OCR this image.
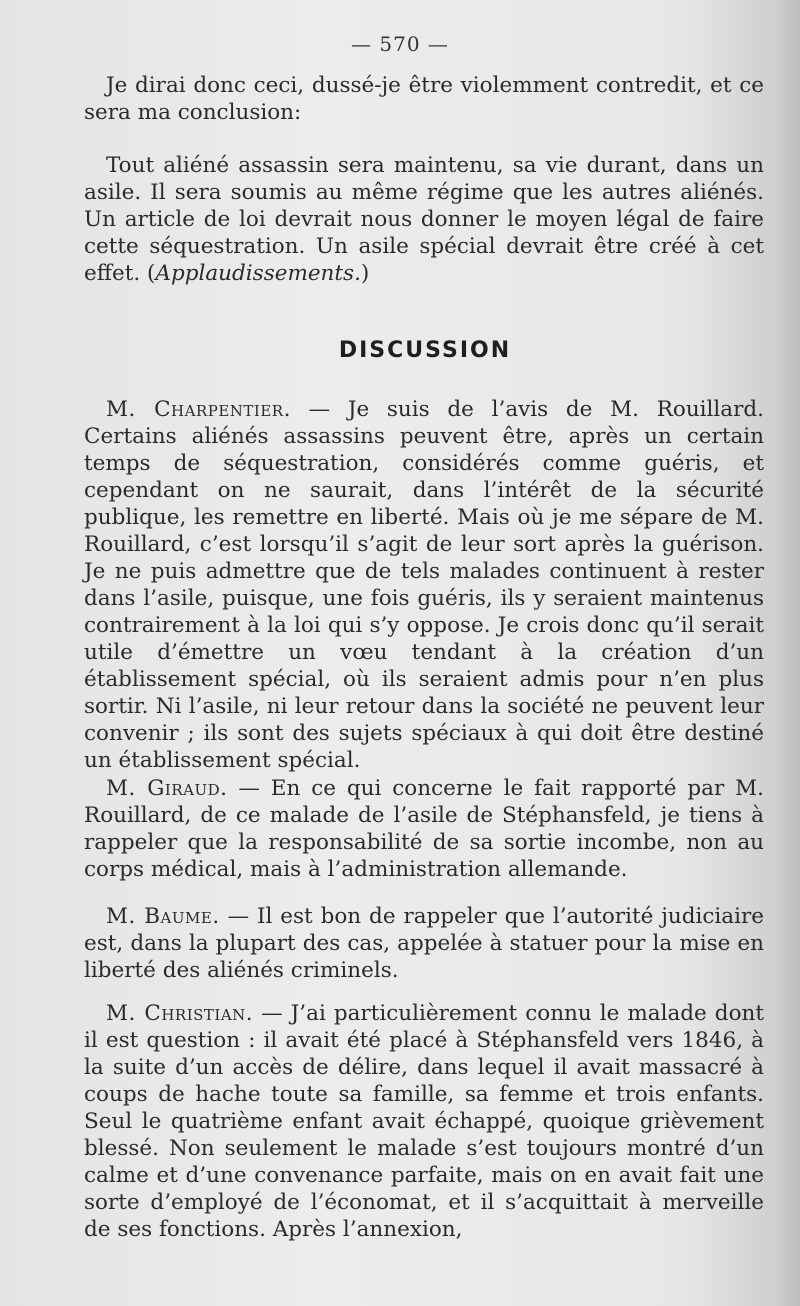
— 570 —

Je dirai donc ceci, dussé-je être violemment contredit, et ce sera ma conclusion:

Tout aliéné assassin sera maintenu, sa vie durant, dans un asile. Il sera soumis au même régime que les autres aliénés. Un article de loi devrait nous donner le moyen légal de faire cette séquestration. Un asile spécial devrait être créé à cet effet. (Applaudissements.)

DISCUSSION

M. Charpentier. — Je suis de l’avis de M. Rouillard. Certains aliénés assassins peuvent être, après un certain temps de séquestration, considérés comme guéris, et cependant on ne saurait, dans l’intérêt de la sécurité publique, les remettre en liberté. Mais où je me sépare de M. Rouillard, c’est lorsqu’il s’agit de leur sort après la guérison. Je ne puis admettre que de tels malades continuent à rester dans l’asile, puisque, une fois guéris, ils y seraient maintenus contrairement à la loi qui s’y oppose. Je crois donc qu’il serait utile d’émettre un vœu tendant à la création d’un établissement spécial, où ils seraient admis pour n’en plus sortir. Ni l’asile, ni leur retour dans la société ne peuvent leur convenir ; ils sont des sujets spéciaux à qui doit être destiné un établissement spécial.

M. Giraud. — En ce qui concerne le fait rapporté par M. Rouillard, de ce malade de l’asile de Stéphansfeld, je tiens à rappeler que la responsabilité de sa sortie incombe, non au corps médical, mais à l’administration allemande.

M. Baume. — Il est bon de rappeler que l’autorité judiciaire est, dans la plupart des cas, appelée à statuer pour la mise en liberté des aliénés criminels.

M. Christian. — J’ai particulièrement connu le malade dont il est question : il avait été placé à Stéphansfeld vers 1846, à la suite d’un accès de délire, dans lequel il avait massacré à coups de hache toute sa famille, sa femme et trois enfants. Seul le quatrième enfant avait échappé, quoique grièvement blessé. Non seulement le malade s’est toujours montré d’un calme et d’une convenance parfaite, mais on en avait fait une sorte d’employé de l’économat, et il s’acquittait à merveille de ses fonctions. Après l’annexion,
